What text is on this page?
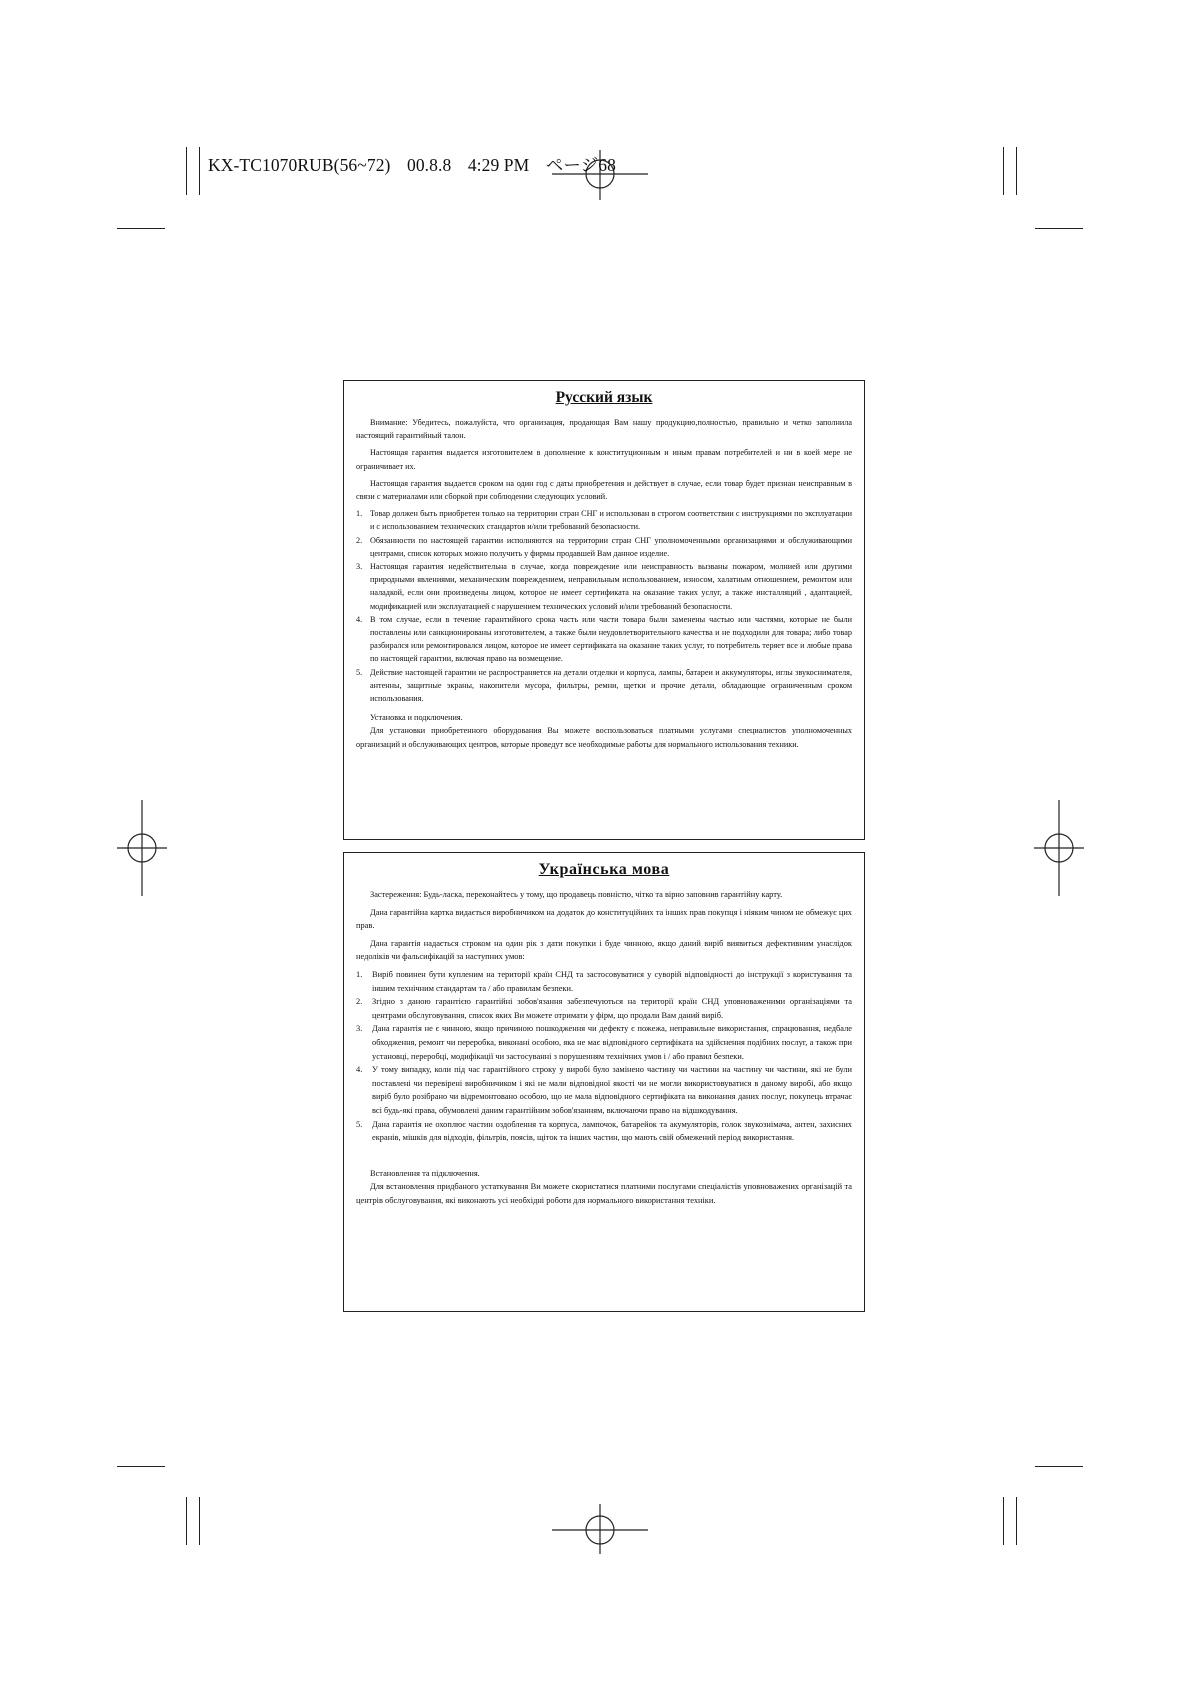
KX-TC1070RUB(56~72) 00.8.8 4:29 PM ページ68
Русский язык

Внимание: Убедитесь, пожалуйста, что организация, продающая Вам нашу продукцию,полностью, правильно и четко заполнила настоящий гарантийный талон.

Настоящая гарантия выдается изготовителем в дополнение к конституционным и иным правам потребителей и ни в коей мере не ограничивает их.

Настоящая гарантия выдается сроком на один год с даты приобретения и действует в случае, если товар будет признан неисправным в связи с материалами или сборкой при соблюдении следующих условий.

1. Товар должен быть приобретен только на территории стран СНГ и использован в строгом соответствии с инструкциями по эксплуатации и с использованием технических стандартов и/или требований безопасности.
2. Обязанности по настоящей гарантии исполняются на территории стран СНГ уполномоченными организациями и обслуживающими центрами, список которых можно получить у фирмы продавшей Вам данное изделие.
3. Настоящая гарантия недействительна в случае, когда повреждение или неисправность вызваны пожаром, молнией или другими природными явлениями, механическим повреждением, неправильным использованием, износом, халатным отношением, ремонтом или наладкой, если они произведены лицом, которое не имеет сертификата на оказание таких услуг, а также инсталляций , адаптацией, модификацией или эксплуатацией с нарушением технических условий и/или требований безопасности.
4. В том случае, если в течение гарантийного срока часть или части товара были заменены частью или частями, которые не были поставлены или санкционированы изготовителем, а также были неудовлетворительного качества и не подходили для товара; либо товар разбирался или ремонтировался лицом, которое не имеет сертификата на оказание таких услуг, то потребитель теряет все и любые права по настоящей гарантии, включая право на возмещение.
5. Действие настоящей гарантии не распространяется на детали отделки и корпуса, лампы, батареи и аккумуляторы, иглы звукоснимателя, антенны, защитные экраны, накопители мусора, фильтры, ремни, щетки и прочие детали, обладающие ограниченным сроком использования.

Установка и подключения.

Для установки приобретенного оборудования Вы можете воспользоваться платными услугами специалистов уполномоченных организаций и обслуживающих центров, которые проведут все необходимые работы для нормального использования техники.

Українська мова

Застереження: Будь-ласка, переконайтесь у тому, що продавець повністю, чітко та вірно заповнив гарантійну карту.

Дана гарантійна картка видається виробничиком на додаток до конституційних та інших прав покупця і ніяким чином не обмежує цих прав.

Дана гарантія надається строком на один рік з дати покупки і буде чинною, якщо даний виріб виявиться дефективним унаслідок недоліків чи фальсифікацій за наступних умов:

1. Виріб повинен бути купленим на території країн СНД та застосовуватися у суворій відповідності до інструкції з користування та іншим технічним стандартам та / або правилам безпеки.
2. Згідно з даною гарантією гарантійні зобов'язання забезпечуються на території країн СНД уповноваженими організаціями та центрами обслуговування, список яких Ви можете отримати у фірм, що продали Вам даний виріб.
3. Дана гарантія не є чинною, якщо причиною пошкодження чи дефекту є пожежа, неправильне використання, спрацювання, недбале обходження, ремонт чи переробка, виконані особою, яка не має відповідного сертифіката на здійснення подібних послуг, а також при установці, переробці, модифікації чи застосуванні з порушенням технічних умов і / або правил безпеки.
4. У тому випадку, коли під час гарантійного строку у виробі було замінено частину чи частини на частину чи частини, які не були поставлені чи перевірені виробничиком і які не мали відповідної якості чи не могли використовуватися в даному виробі, або якщо виріб було розібрано чи відремонтовано особою, що не мала відповідного сертифіката на виконання даних послуг, покупець втрачає всі будь-які права, обумовлені даним гарантійним зобов'язанням, включаючи право на відшкодування.
5. Дана гарантія не охоплює частин оздоблення та корпуса, лампочок, батарейок та акумуляторів, голок звукознімача, антен, захисних екранів, мішків для відходів, фільтрів, поясів, щіток та інших частин, що мають свій обмежений період використання.

Встановлення та підключення.

Для встановлення придбаного устаткування Ви можете скористатися платними послугами спеціалістів уповноважених організацій та центрів обслуговування, які виконають усі необхідні роботи для нормального використання техніки.
